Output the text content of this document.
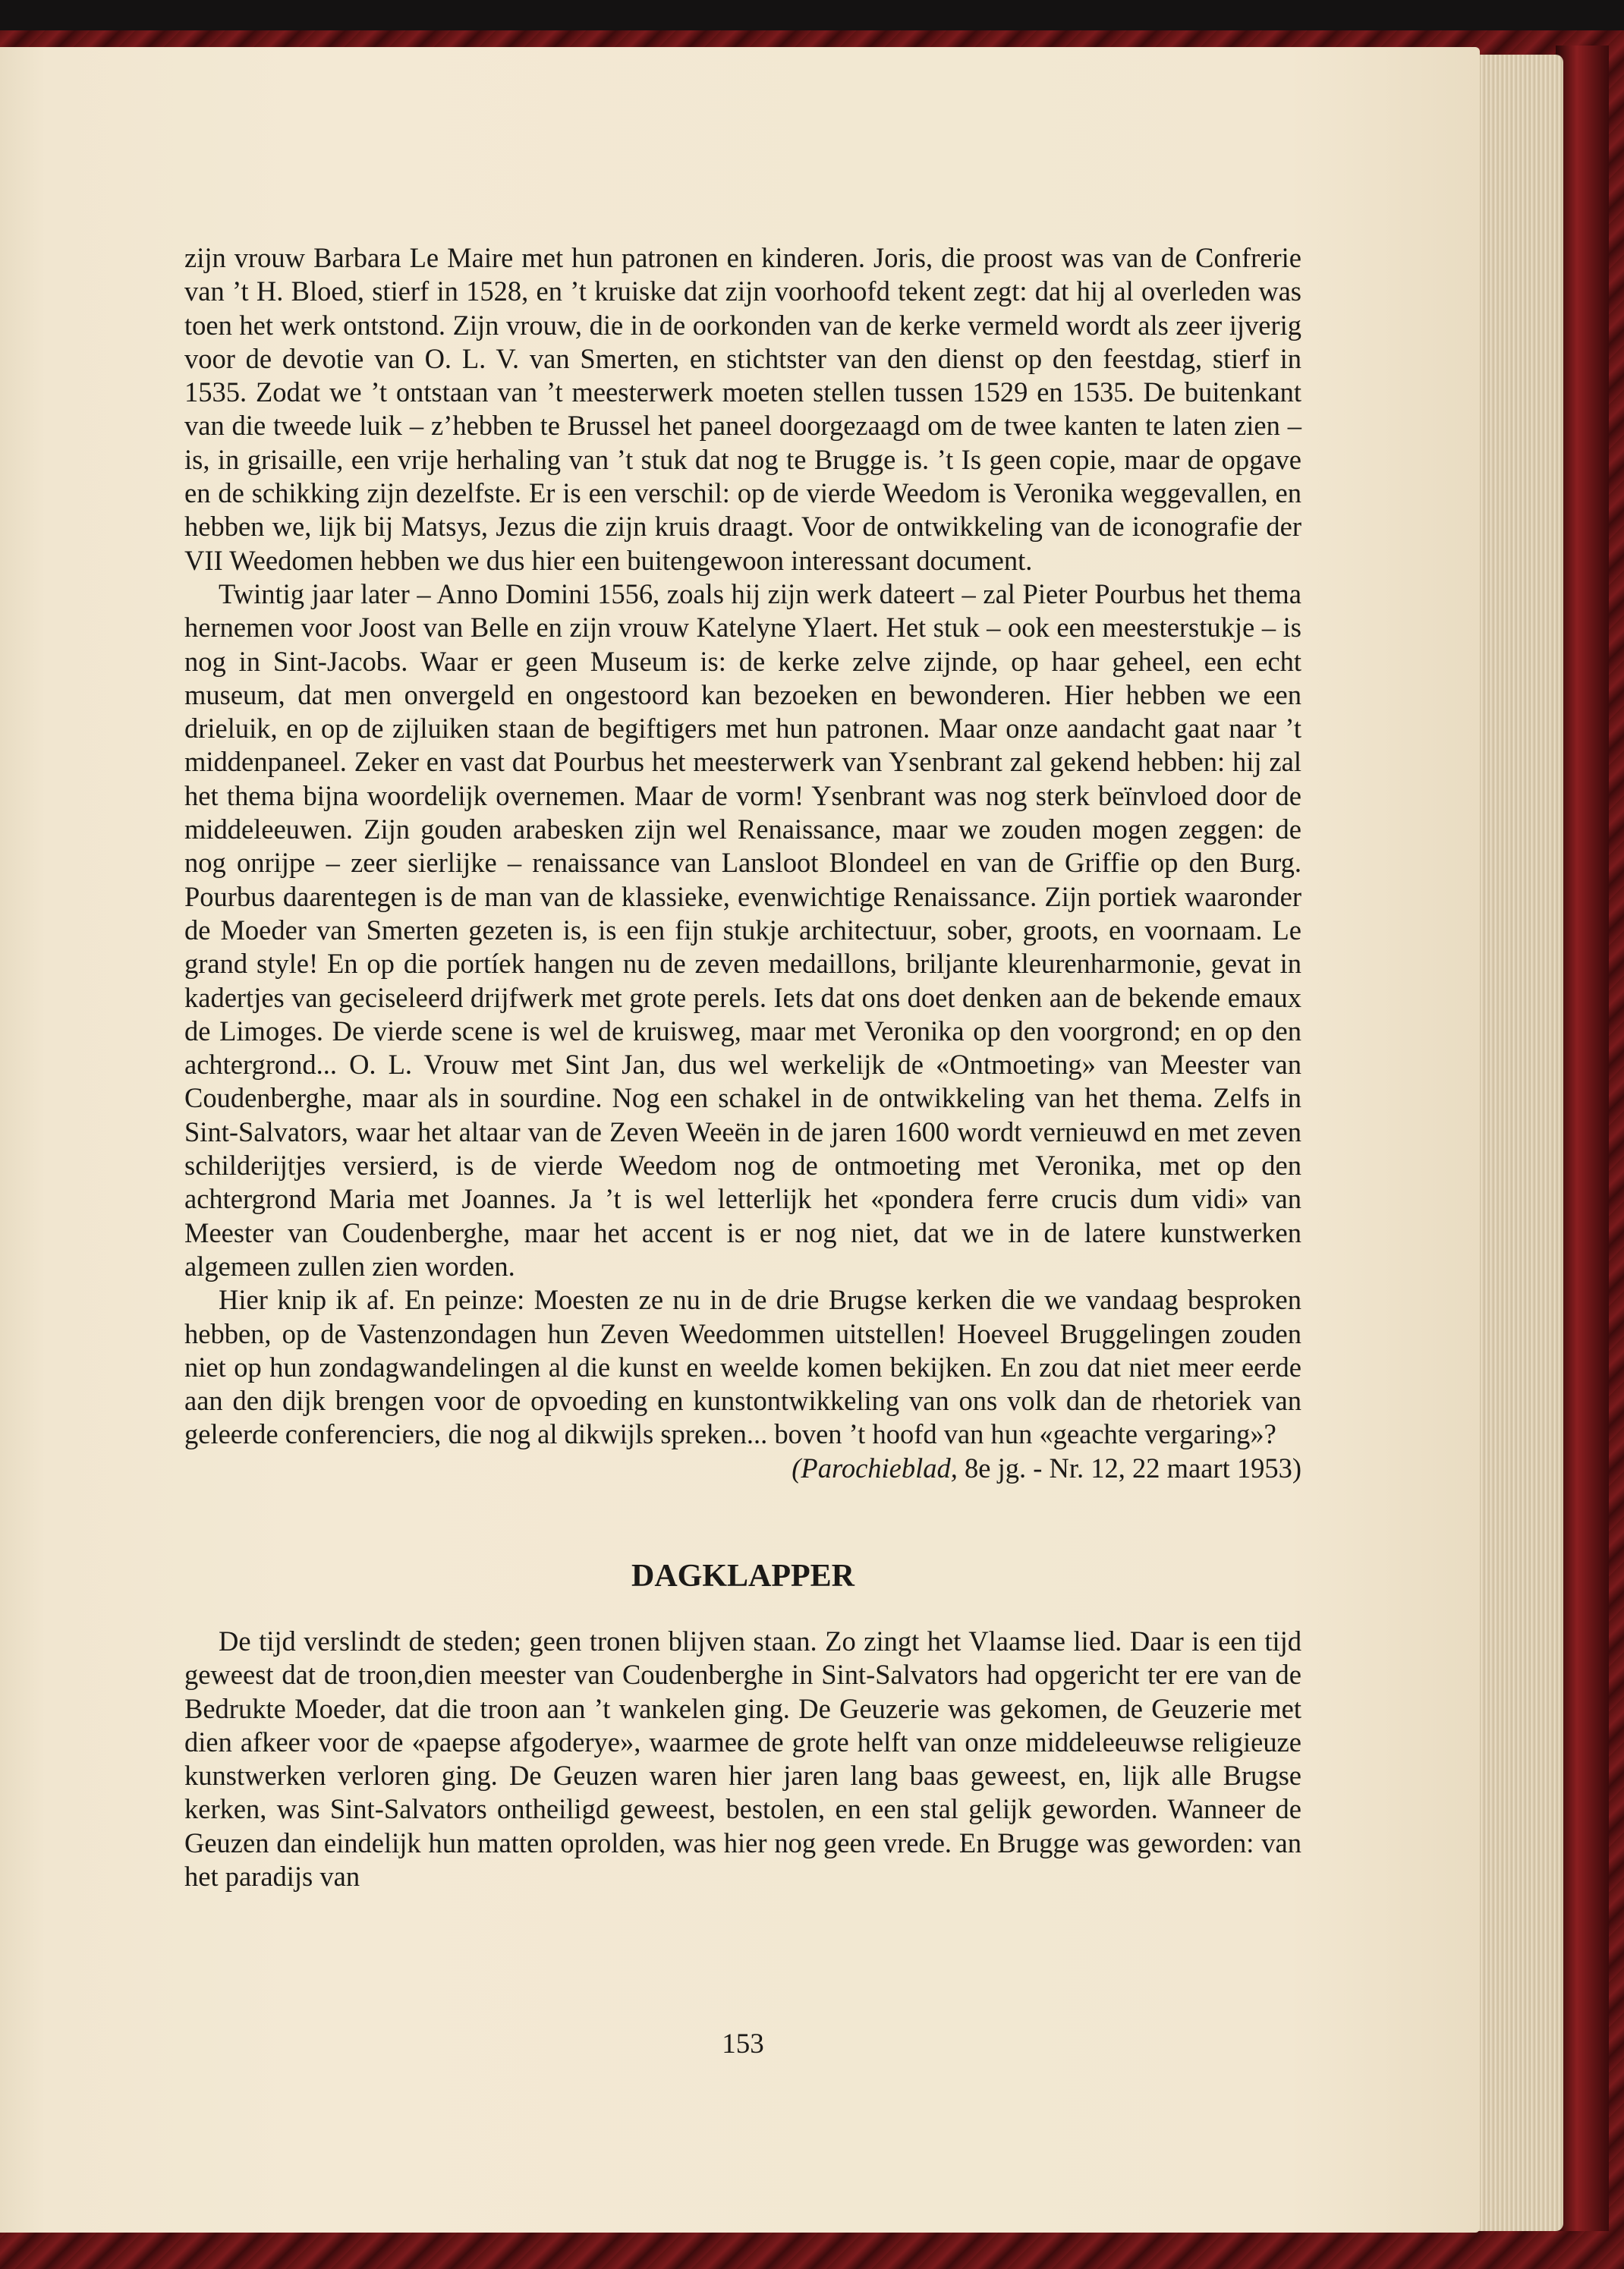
zijn vrouw Barbara Le Maire met hun patronen en kinderen. Joris, die proost was van de Confrerie van ’t H. Bloed, stierf in 1528, en ’t kruiske dat zijn voorhoofd tekent zegt: dat hij al overleden was toen het werk ontstond. Zijn vrouw, die in de oorkonden van de kerke vermeld wordt als zeer ijverig voor de devotie van O. L. V. van Smerten, en stichtster van den dienst op den feestdag, stierf in 1535. Zodat we ’t ontstaan van ’t meesterwerk moeten stellen tussen 1529 en 1535. De buitenkant van die tweede luik – z’hebben te Brussel het paneel doorgezaagd om de twee kanten te laten zien – is, in grisaille, een vrije herhaling van ’t stuk dat nog te Brugge is. ’t Is geen copie, maar de opgave en de schikking zijn dezelfste. Er is een verschil: op de vierde Weedom is Veronika weggevallen, en hebben we, lijk bij Matsys, Jezus die zijn kruis draagt. Voor de ontwikkeling van de iconografie der VII Weedomen hebben we dus hier een buitengewoon interessant document.

Twintig jaar later – Anno Domini 1556, zoals hij zijn werk dateert – zal Pieter Pourbus het thema hernemen voor Joost van Belle en zijn vrouw Katelyne Ylaert. Het stuk – ook een meesterstukje – is nog in Sint-Jacobs. Waar er geen Museum is: de kerke zelve zijnde, op haar geheel, een echt museum, dat men onvergeld en ongestoord kan bezoeken en bewonderen. Hier hebben we een drieluik, en op de zijluiken staan de begiftigers met hun patronen. Maar onze aandacht gaat naar ’t middenpaneel. Zeker en vast dat Pourbus het meesterwerk van Ysenbrant zal gekend hebben: hij zal het thema bijna woordelijk overnemen. Maar de vorm! Ysenbrant was nog sterk beïnvloed door de middeleeuwen. Zijn gouden arabesken zijn wel Renaissance, maar we zouden mogen zeggen: de nog onrijpe – zeer sierlijke – renaissance van Lansloot Blondeel en van de Griffie op den Burg. Pourbus daarentegen is de man van de klassieke, evenwichtige Renaissance. Zijn portiek waaronder de Moeder van Smerten gezeten is, is een fijn stukje architectuur, sober, groots, en voornaam. Le grand style! En op die portíek hangen nu de zeven medaillons, briljante kleurenharmonie, gevat in kadertjes van geciseleerd drijfwerk met grote perels. Iets dat ons doet denken aan de bekende emaux de Limoges. De vierde scene is wel de kruisweg, maar met Veronika op den voorgrond; en op den achtergrond... O. L. Vrouw met Sint Jan, dus wel werkelijk de «Ontmoeting» van Meester van Coudenberghe, maar als in sourdine. Nog een schakel in de ontwikkeling van het thema. Zelfs in Sint-Salvators, waar het altaar van de Zeven Weeën in de jaren 1600 wordt vernieuwd en met zeven schilderijtjes versierd, is de vierde Weedom nog de ontmoeting met Veronika, met op den achtergrond Maria met Joannes. Ja ’t is wel letterlijk het «pondera ferre crucis dum vidi» van Meester van Coudenberghe, maar het accent is er nog niet, dat we in de latere kunstwerken algemeen zullen zien worden.

Hier knip ik af. En peinze: Moesten ze nu in de drie Brugse kerken die we vandaag besproken hebben, op de Vastenzondagen hun Zeven Weedommen uitstellen! Hoeveel Bruggelingen zouden niet op hun zondagwandelingen al die kunst en weelde komen bekijken. En zou dat niet meer eerde aan den dijk brengen voor de opvoeding en kunstontwikkeling van ons volk dan de rhetoriek van geleerde conferenciers, die nog al dikwijls spreken... boven ’t hoofd van hun «geachte vergaring»?

(Parochieblad, 8e jg. - Nr. 12, 22 maart 1953)

DAGKLAPPER

De tijd verslindt de steden; geen tronen blijven staan. Zo zingt het Vlaamse lied. Daar is een tijd geweest dat de troon,dien meester van Coudenberghe in Sint-Salvators had opgericht ter ere van de Bedrukte Moeder, dat die troon aan ’t wankelen ging. De Geuzerie was gekomen, de Geuzerie met dien afkeer voor de «paepse afgoderye», waarmee de grote helft van onze middeleeuwse religieuze kunstwerken verloren ging. De Geuzen waren hier jaren lang baas geweest, en, lijk alle Brugse kerken, was Sint-Salvators ontheiligd geweest, bestolen, en een stal gelijk geworden. Wanneer de Geuzen dan eindelijk hun matten oprolden, was hier nog geen vrede. En Brugge was geworden: van het paradijs van

153
